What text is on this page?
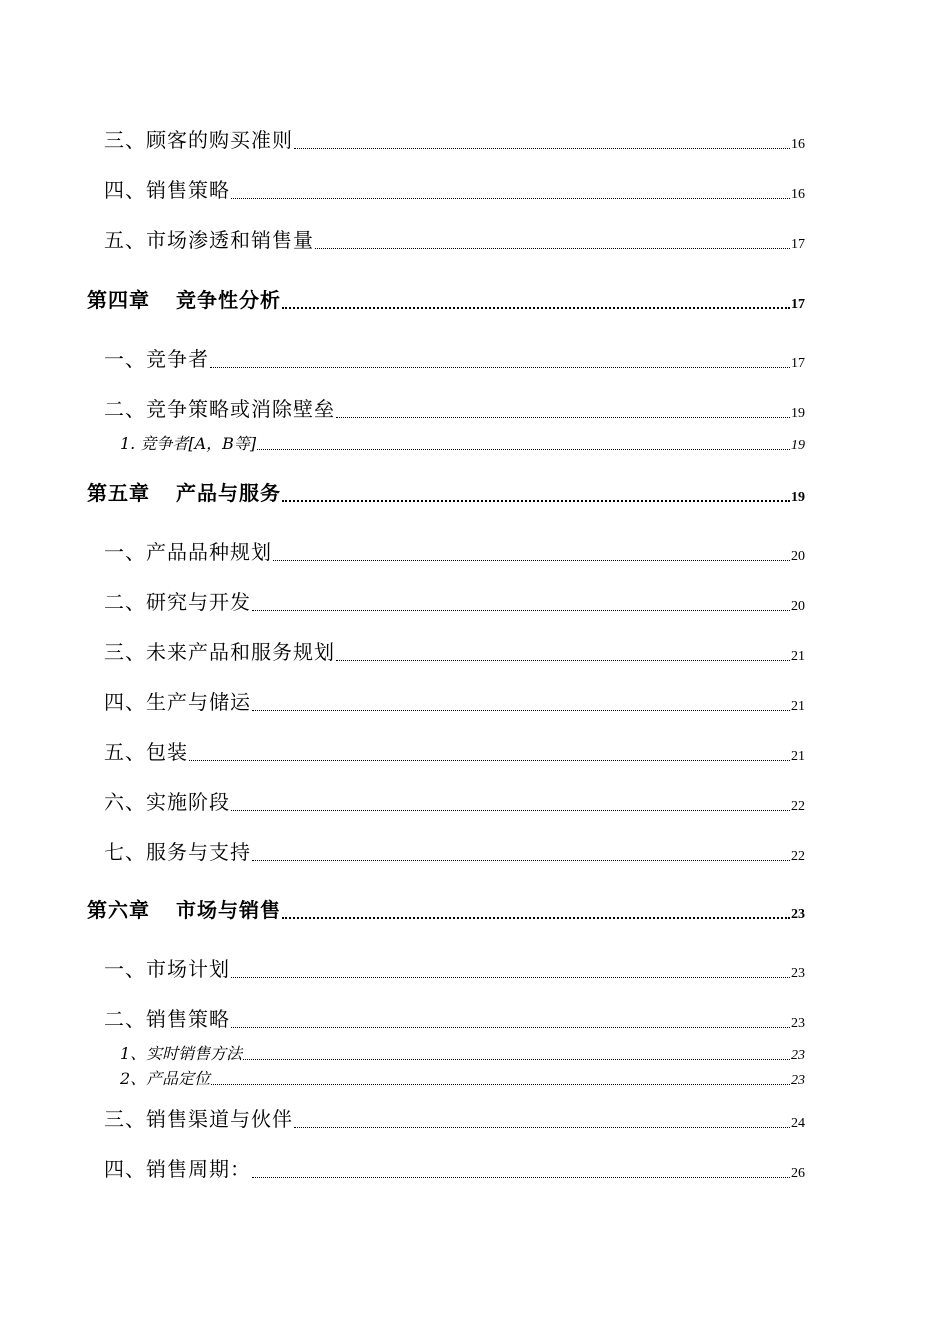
三、顾客的购买准则	16
四、销售策略	16
五、市场渗透和销售量	17
第四章 竞争性分析	17
一、竞争者	17
二、竞争策略或消除壁垒	19
1. 竞争者[A，B等]	19
第五章 产品与服务	19
一、产品品种规划	20
二、研究与开发	20
三、未来产品和服务规划	21
四、生产与储运	21
五、包装	21
六、实施阶段	22
七、服务与支持	22
第六章 市场与销售	23
一、市场计划	23
二、销售策略	23
1、实时销售方法	23
2、产品定位	23
三、销售渠道与伙伴	24
四、销售周期：	26
